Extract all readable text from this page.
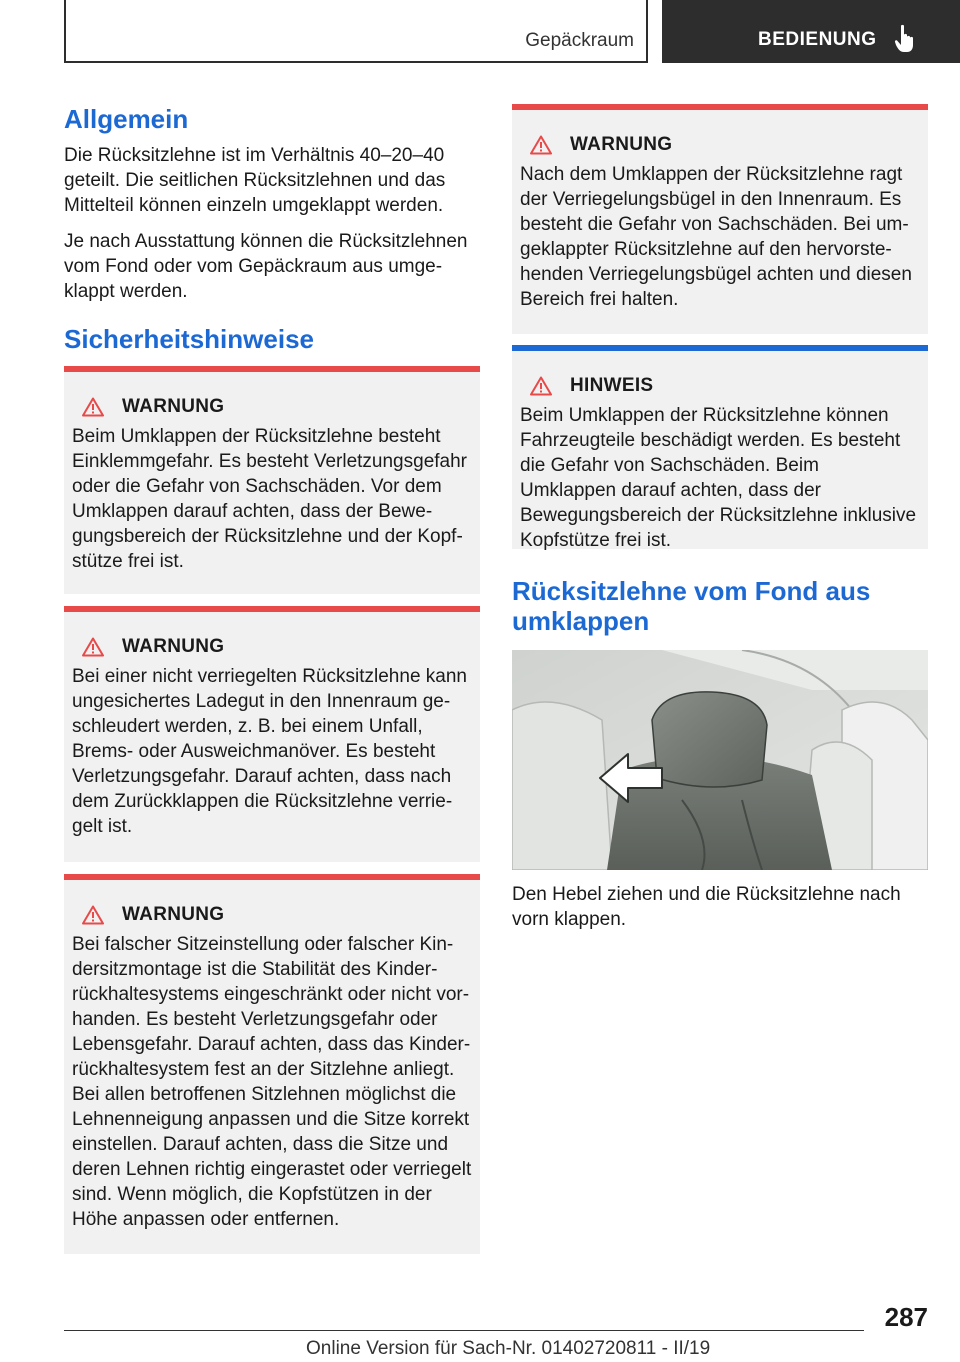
Gepäckraum	BEDIENUNG
Allgemein

Die Rücksitzlehne ist im Verhältnis 40–20–40 geteilt. Die seitlichen Rücksitzlehnen und das Mittelteil können einzeln umgeklappt werden.

Je nach Ausstattung können die Rücksitzlehnen vom Fond oder vom Gepäckraum aus umge-klappt werden.

Sicherheitshinweise
WARNUNG
Beim Umklappen der Rücksitzlehne besteht Einklemmgefahr. Es besteht Verletzungsgefahr oder die Gefahr von Sachschäden. Vor dem Umklappen darauf achten, dass der Bewe-gungsbereich der Rücksitzlehne und der Kopf-stütze frei ist.
WARNUNG
Bei einer nicht verriegelten Rücksitzlehne kann ungesichertes Ladegut in den Innenraum ge-schleudert werden, z. B. bei einem Unfall, Brems- oder Ausweichmanöver. Es besteht Verletzungsgefahr. Darauf achten, dass nach dem Zurückklappen die Rücksitzlehne verrie-gelt ist.
WARNUNG
Bei falscher Sitzeinstellung oder falscher Kin-dersitzmontage ist die Stabilität des Kinder-rückhaltesystems eingeschränkt oder nicht vor-handen. Es besteht Verletzungsgefahr oder Lebensgefahr. Darauf achten, dass das Kinder-rückhaltesystem fest an der Sitzlehne anliegt. Bei allen betroffenen Sitzlehnen möglichst die Lehnenneigung anpassen und die Sitze korrekt einstellen. Darauf achten, dass die Sitze und deren Lehnen richtig eingerastet oder verriegelt sind. Wenn möglich, die Kopfstützen in der Höhe anpassen oder entfernen.
WARNUNG
Nach dem Umklappen der Rücksitzlehne ragt der Verriegelungsbügel in den Innenraum. Es besteht die Gefahr von Sachschäden. Bei um-geklappter Rücksitzlehne auf den hervorste-henden Verriegelungsbügel achten und diesen Bereich frei halten.
HINWEIS
Beim Umklappen der Rücksitzlehne können Fahrzeugteile beschädigt werden. Es besteht die Gefahr von Sachschäden. Beim Umklappen darauf achten, dass der Bewegungsbereich der Rücksitzlehne inklusive Kopfstütze frei ist.
Rücksitzlehne vom Fond aus umklappen

Den Hebel ziehen und die Rücksitzlehne nach vorn klappen.

287
Online Version für Sach-Nr. 01402720811 - II/19
